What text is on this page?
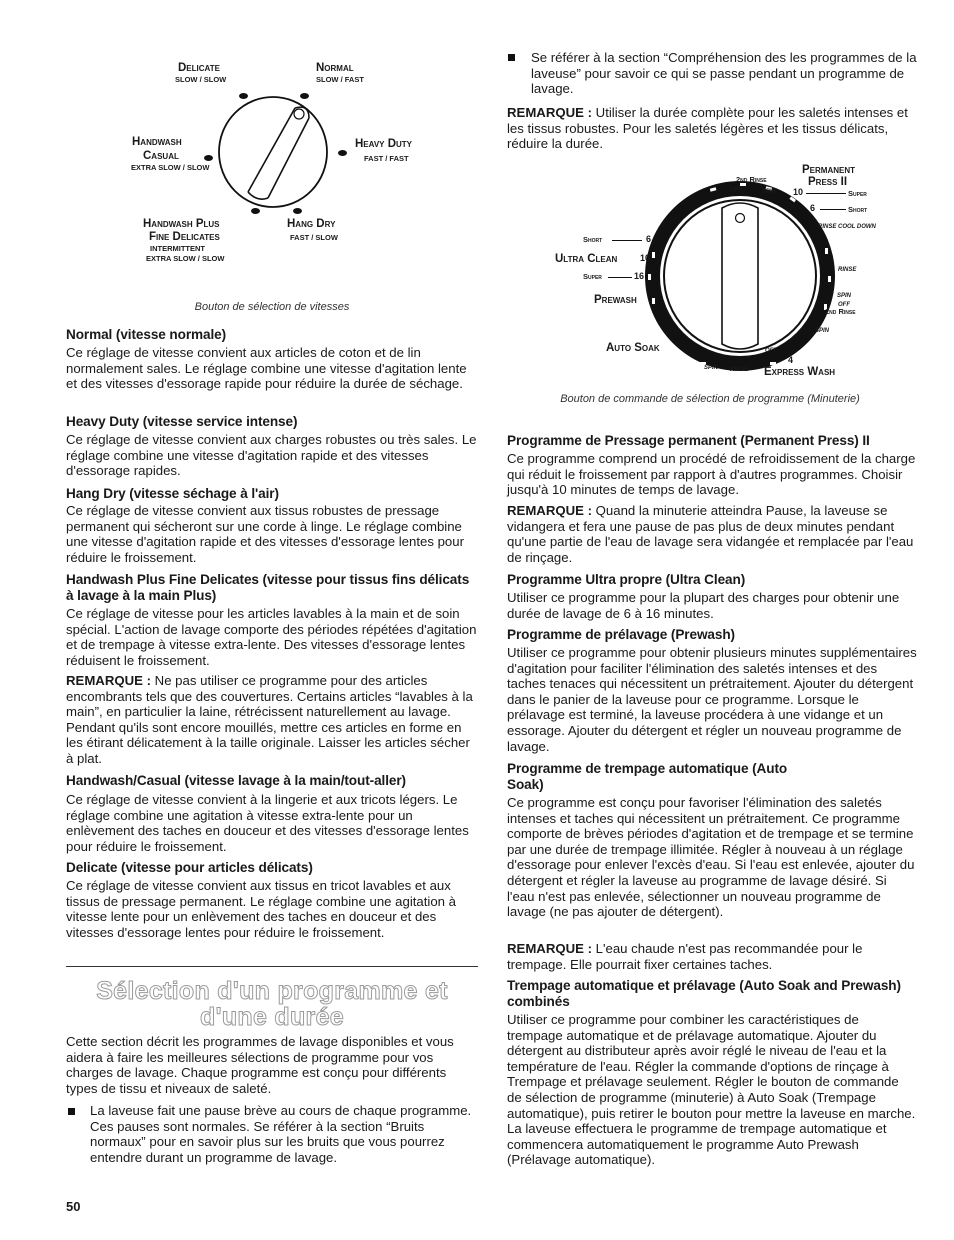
Delicate
SLOW / SLOW
Normal
SLOW / FAST
Handwash
Casual
EXTRA SLOW / SLOW
Heavy Duty
FAST / FAST
Handwash Plus
Fine Delicates
INTERMITTENT
EXTRA SLOW / SLOW
Hang Dry
FAST / SLOW
Bouton de sélection de vitesses
Normal (vitesse normale)

Ce réglage de vitesse convient aux articles de coton et de lin normalement sales. Le réglage combine une vitesse d'agitation lente et des vitesses d'essorage rapide pour réduire la durée de séchage.

Heavy Duty (vitesse service intense)

Ce réglage de vitesse convient aux charges robustes ou très sales. Le réglage combine une vitesse d'agitation rapide et des vitesses d'essorage rapides.

Hang Dry (vitesse séchage à l'air)

Ce réglage de vitesse convient aux tissus robustes de pressage permanent qui sécheront sur une corde à linge. Le réglage combine une vitesse d'agitation rapide et des vitesses d'essorage lentes pour réduire le froissement.

Handwash Plus Fine Delicates (vitesse pour tissus fins délicats à lavage à la main Plus)

Ce réglage de vitesse pour les articles lavables à la main et de soin spécial. L'action de lavage comporte des périodes répétées d'agitation et de trempage à vitesse extra-lente. Des vitesses d'essorage lentes réduisent le froissement.

REMARQUE : Ne pas utiliser ce programme pour des articles encombrants tels que des couvertures. Certains articles “lavables à la main”, en particulier la laine, rétrécissent naturellement au lavage. Pendant qu'ils sont encore mouillés, mettre ces articles en forme en les étirant délicatement à la taille originale. Laisser les articles sécher à plat.

Handwash/Casual (vitesse lavage à la main/tout-aller)

Ce réglage de vitesse convient à la lingerie et aux tricots légers. Le réglage combine une agitation à vitesse extra-lente pour un enlèvement des taches en douceur et des vitesses d'essorage lentes pour réduire le froissement.

Delicate (vitesse pour articles délicats)

Ce réglage de vitesse convient aux tissus en tricot lavables et aux tissus de pressage permanent. Le réglage combine une agitation à vitesse lente pour un enlèvement des taches en douceur et des vitesses d'essorage lentes pour réduire le froissement.

Sélection d'un programme et d'une durée

Cette section décrit les programmes de lavage disponibles et vous aidera à faire les meilleures sélections de programme pour vos charges de lavage. Chaque programme est conçu pour différents types de tissu et niveaux de saleté.

La laveuse fait une pause brève au cours de chaque programme. Ces pauses sont normales. Se référer à la section “Bruits normaux” pour en savoir plus sur les bruits que vous pourrez entendre durant un programme de lavage.

50

Se référer à la section “Compréhension des les programmes de la laveuse” pour savoir ce qui se passe pendant un programme de lavage.

REMARQUE : Utiliser la durée complète pour les saletés intenses et les tissus robustes. Pour les saletés légères et les tissus délicats, réduire la durée.

Permanent
Press II
2nd Rinse
OFF	SPIN 10	Super
6	Short
RINSE COOL DOWN
Short	6
Ultra Clean	10
Super	16
RINSE
Prewash	SPIN
OFF
2nd Rinse
SPIN
Auto Soak	OFF
4
SPIN RINSE Express Wash
Bouton de commande de sélection de programme (Minuterie)
Programme de Pressage permanent (Permanent Press) II

Ce programme comprend un procédé de refroidissement de la charge qui réduit le froissement par rapport à d'autres programmes. Choisir jusqu'à 10 minutes de temps de lavage.

REMARQUE : Quand la minuterie atteindra Pause, la laveuse se vidangera et fera une pause de pas plus de deux minutes pendant qu'une partie de l'eau de lavage sera vidangée et remplacée par l'eau de rinçage.

Programme Ultra propre (Ultra Clean)

Utiliser ce programme pour la plupart des charges pour obtenir une durée de lavage de 6 à 16 minutes.

Programme de prélavage (Prewash)

Utiliser ce programme pour obtenir plusieurs minutes supplémentaires d'agitation pour faciliter l'élimination des saletés intenses et des taches tenaces qui nécessitent un prétraitement. Ajouter du détergent dans le panier de la laveuse pour ce programme. Lorsque le prélavage est terminé, la laveuse procédera à une vidange et un essorage. Ajouter du détergent et régler un nouveau programme de lavage.

Programme de trempage automatique (Auto Soak)

Ce programme est conçu pour favoriser l'élimination des saletés intenses et taches qui nécessitent un prétraitement. Ce programme comporte de brèves périodes d'agitation et de trempage et se termine par une durée de trempage illimitée. Régler à nouveau à un réglage d'essorage pour enlever l'excès d'eau. Si l'eau est enlevée, ajouter du détergent et régler la laveuse au programme de lavage désiré. Si l'eau n'est pas enlevée, sélectionner un nouveau programme de lavage (ne pas ajouter de détergent).

REMARQUE : L'eau chaude n'est pas recommandée pour le trempage. Elle pourrait fixer certaines taches.

Trempage automatique et prélavage (Auto Soak and Prewash) combinés

Utiliser ce programme pour combiner les caractéristiques de trempage automatique et de prélavage automatique. Ajouter du détergent au distributeur après avoir réglé le niveau de l'eau et la température de l'eau. Régler la commande d'options de rinçage à Trempage et prélavage seulement. Régler le bouton de commande de sélection de programme (minuterie) à Auto Soak (Trempage automatique), puis retirer le bouton pour mettre la laveuse en marche. La laveuse effectuera le programme de trempage automatique et commencera automatiquement le programme Auto Prewash (Prélavage automatique).
